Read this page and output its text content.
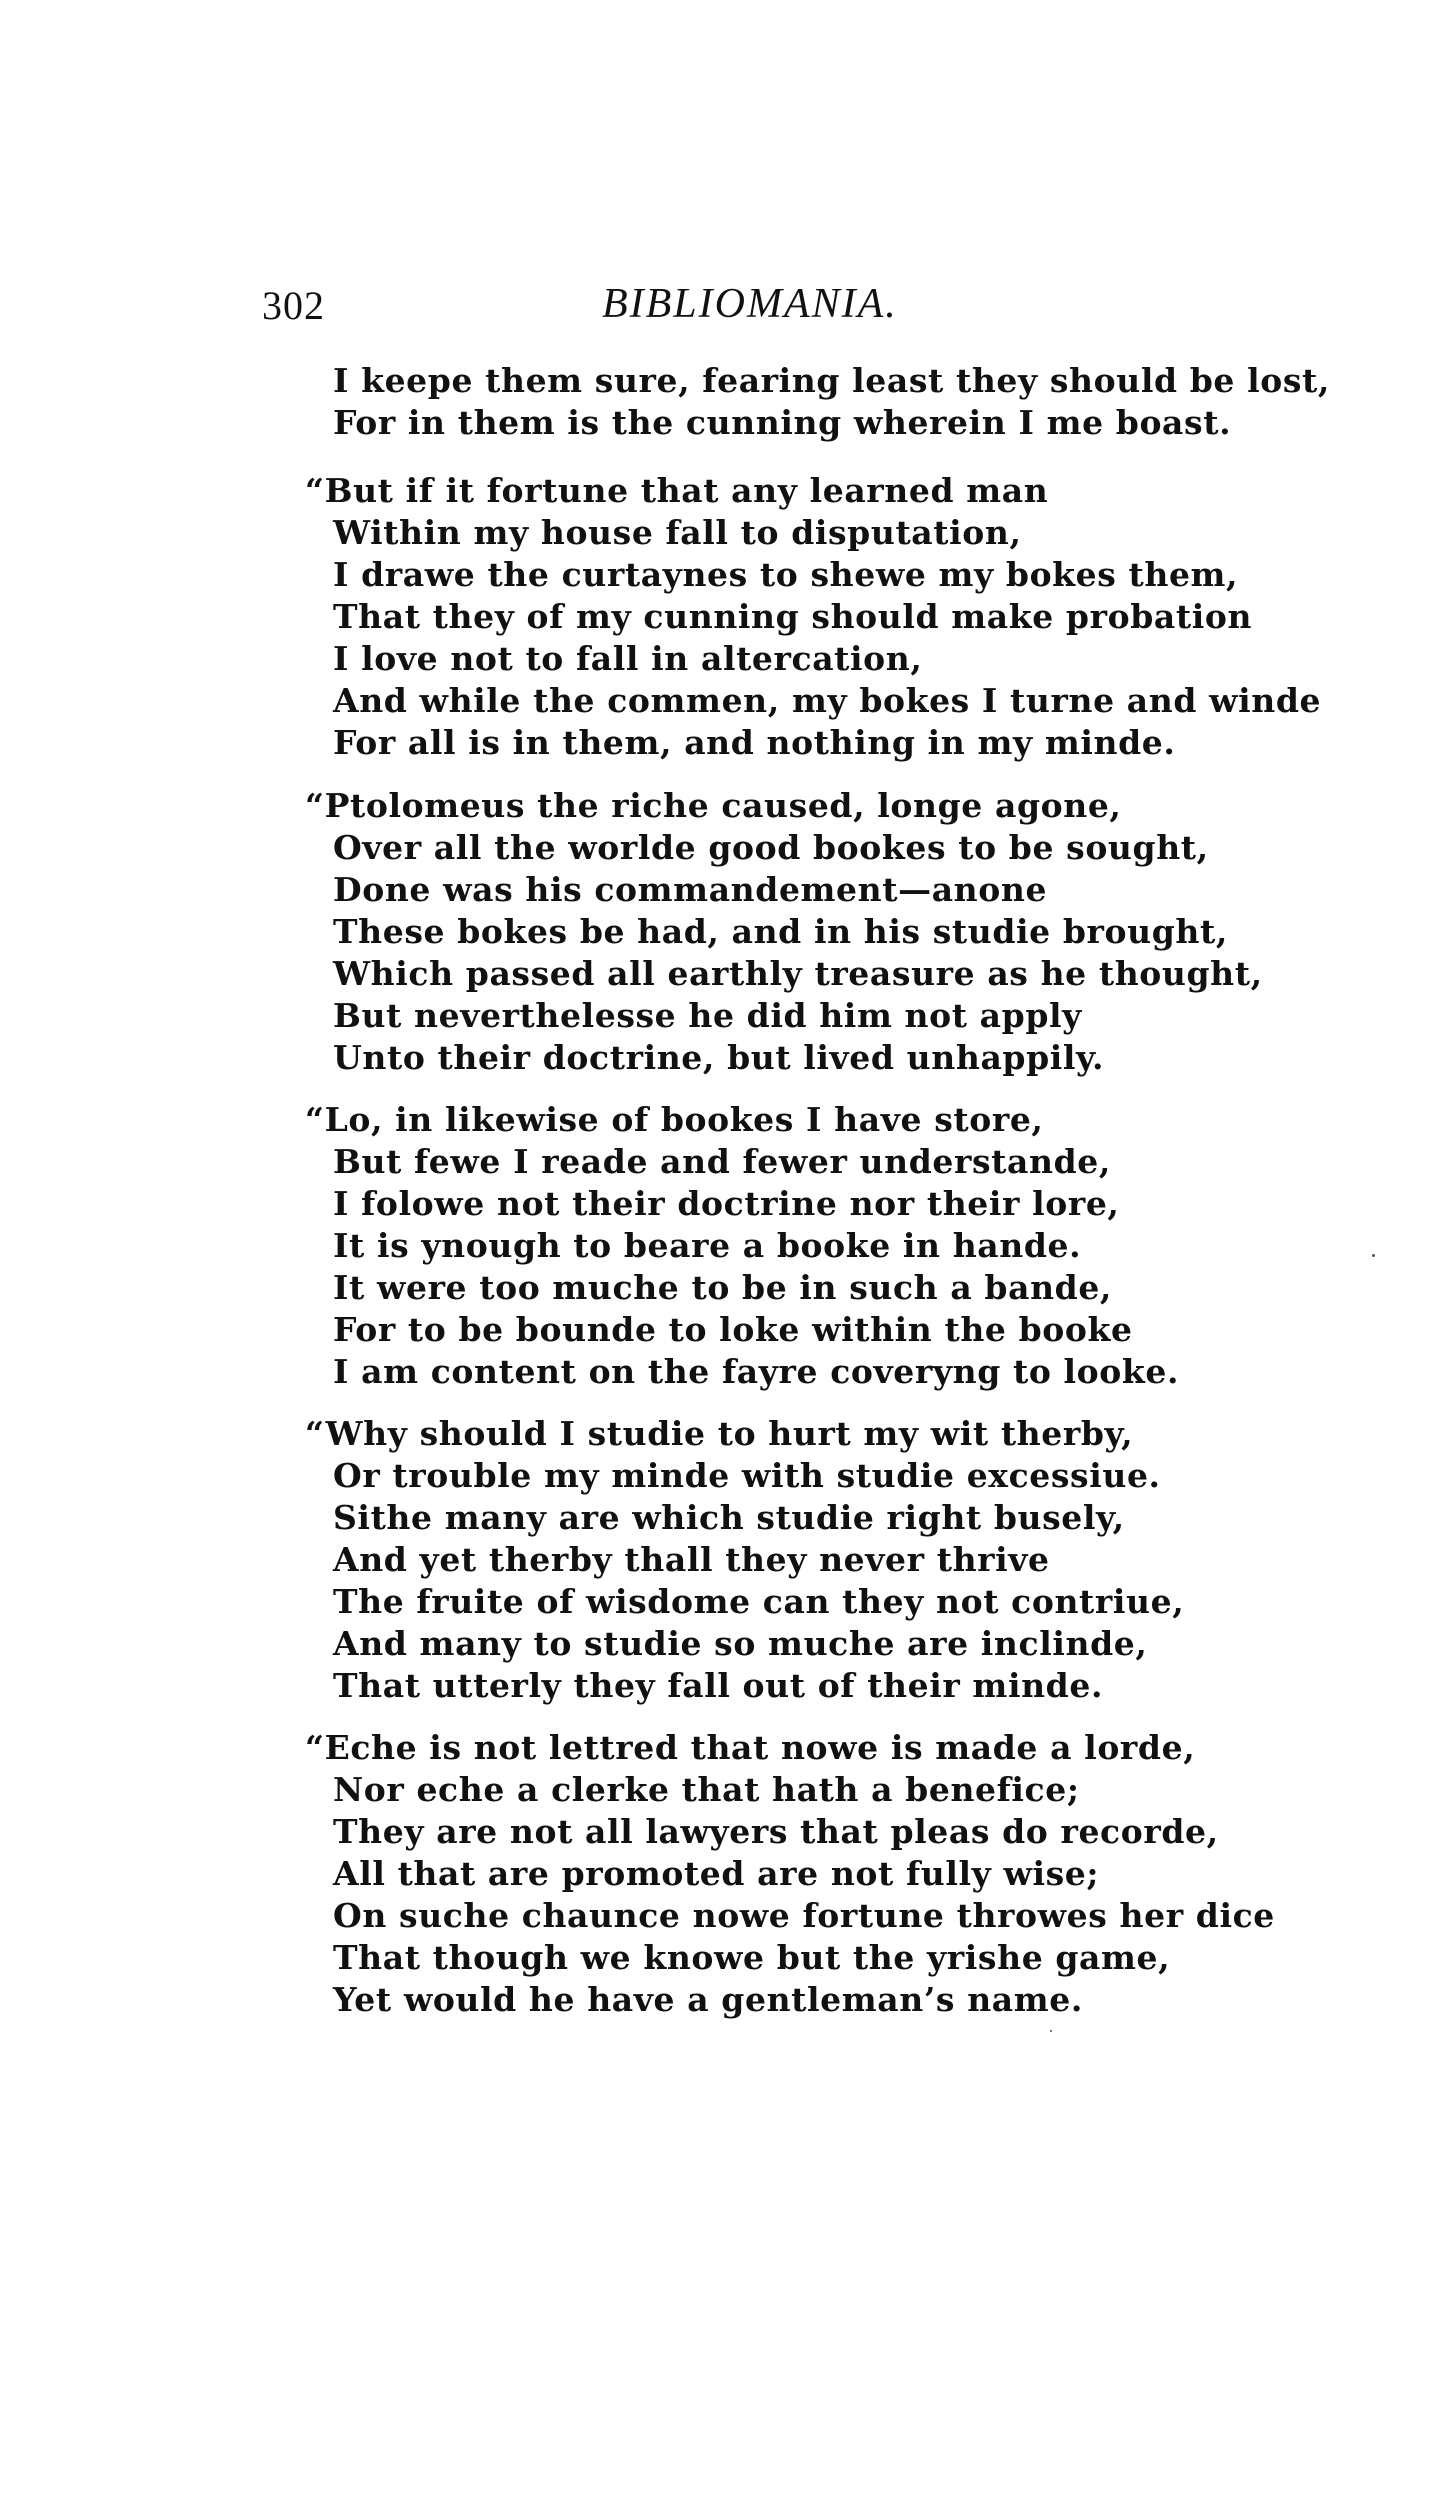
302	BIBLIOMANIA.
I keepe them sure, fearing least they should be lost,
For in them is the cunning wherein I me boast.
“But if it fortune that any learned man
Within my house fall to disputation,
I drawe the curtaynes to shewe my bokes them,
That they of my cunning should make probation
I love not to fall in altercation,
And while the commen, my bokes I turne and winde
For all is in them, and nothing in my minde.
“Ptolomeus the riche caused, longe agone,
Over all the worlde good bookes to be sought,
Done was his commandement—anone
These bokes be had, and in his studie brought,
Which passed all earthly treasure as he thought,
But neverthelesse he did him not apply
Unto their doctrine, but lived unhappily.
“Lo, in likewise of bookes I have store,
But fewe I reade and fewer understande,
I folowe not their doctrine nor their lore,
It is ynough to beare a booke in hande.
It were too muche to be in such a bande,
For to be bounde to loke within the booke
I am content on the fayre coveryng to looke.
“Why should I studie to hurt my wit therby,
Or trouble my minde with studie excessiue.
Sithe many are which studie right busely,
And yet therby thall they never thrive
The fruite of wisdome can they not contriue,
And many to studie so muche are inclinde,
That utterly they fall out of their minde.
“Eche is not lettred that nowe is made a lorde,
Nor eche a clerke that hath a benefice;
They are not all lawyers that pleas do recorde,
All that are promoted are not fully wise;
On suche chaunce nowe fortune throwes her dice
That though we knowe but the yrishe game,
Yet would he have a gentleman’s name.
